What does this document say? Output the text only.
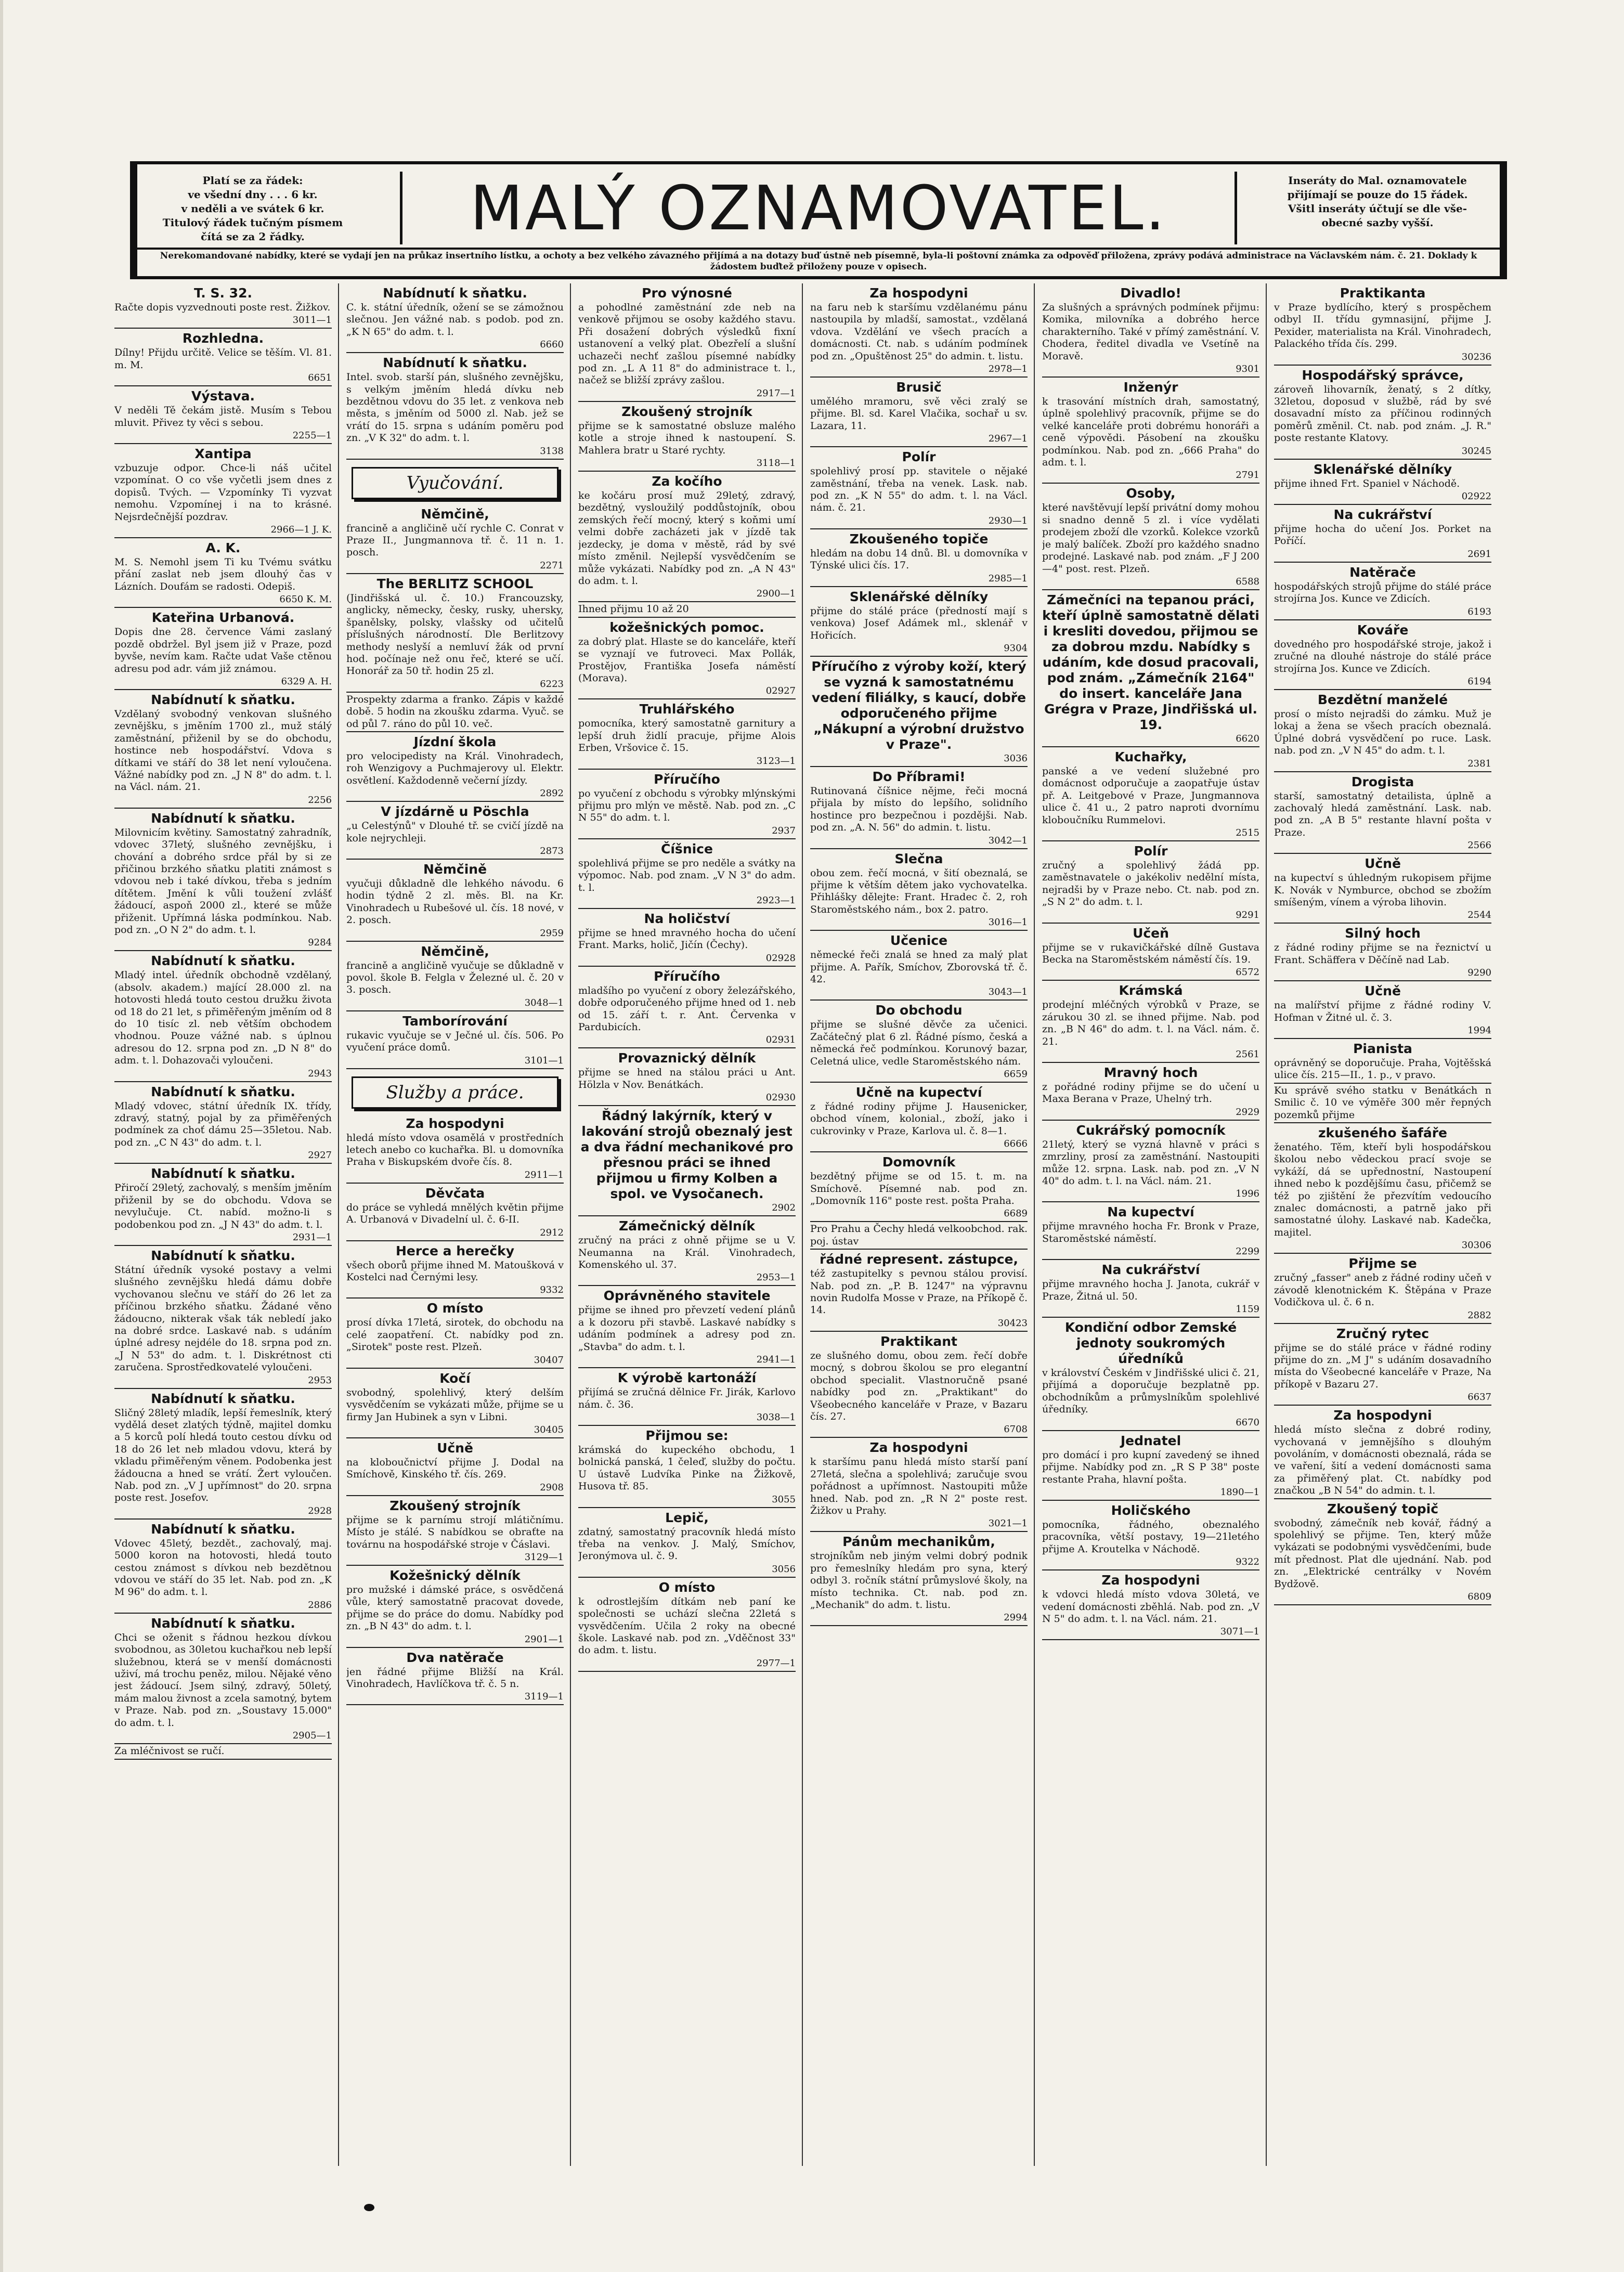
Platí se za řádek:
ve všední dny . . . 6 kr.
v neděli a ve svátek 6 kr.
Titulový řádek tučným písmem
čítá se za 2 řádky.	MALÝ OZNAMOVATEL.	Inseráty do Mal. oznamovatele
přijímají se pouze do 15 řádek.
Všitl inseráty účtují se dle vše-
obecné sazby vyšší.
Nerekomandované nabídky, které se vydají jen na průkaz insertního lístku, a ochoty a bez velkého závazného přijímá a na dotazy buď ústně neb písemně, byla-li poštovní známka za odpověď přiložena, zprávy podává administrace na Václavském nám. č. 21. Doklady k žádostem buďtež přiloženy pouze v opisech.
T. S. 32.
Račte dopis vyzvednouti poste rest. Žižkov.
3011—1
Rozhledna.
Dílny! Přijdu určitě. Velice se těším. Vl. 81. m. M.
6651
Výstava.
V neděli Tě čekám jistě. Musím s Tebou mluvit. Přivez ty věci s sebou.
2255—1
Xantipa
vzbuzuje odpor. Chce-li náš učitel vzpomínat. O co vše vyčetli jsem dnes z dopisů. Tvých. — Vzpomínky Ti vyzvat nemohu. Vzpomínej i na to krásné. Nejsrdečnější pozdrav.
2966—1 J. K.
A. K.
M. S. Nemohl jsem Ti ku Tvému svátku přání zaslat neb jsem dlouhý čas v Lázních. Doufám se radosti. Odepiš.
6650 K. M.
Kateřina Urbanová.
Dopis dne 28. července Vámi zaslaný pozdě obdržel. Byl jsem již v Praze, pozd byvše, nevím kam. Račte udat Vaše ctěnou adresu pod adr. vám již známou.
6329 A. H.
Nabídnutí k sňatku.
Vzdělaný svobodný venkovan slušného zevnějšku, s jměním 1700 zl., muž stálý zaměstnání, přiženil by se do obchodu, hostince neb hospodářství. Vdova s dítkami ve stáří do 38 let není vyloučena. Vážné nabídky pod zn. „J N 8" do adm. t. l. na Václ. nám. 21.
2256
Nabídnutí k sňatku.
Milovnicím květiny. Samostatný zahradník, vdovec 37letý, slušného zevnějšku, i chování a dobrého srdce přál by si ze přičinou brzkého sňatku platiti známost s vdovou neb i také dívkou, třeba s jedním dítětem. Jmění k vůli toužení zvlášť žádoucí, aspoň 2000 zl., které se může přiženit. Upřímná láska podmínkou. Nab. pod zn. „O N 2" do adm. t. l.
9284
Nabídnutí k sňatku.
Mladý intel. úředník obchodně vzdělaný, (absolv. akadem.) mající 28.000 zl. na hotovosti hledá touto cestou družku života od 18 do 21 let, s přiměřeným jměním od 8 do 10 tisíc zl. neb větším obchodem vhodnou. Pouze vážné nab. s úplnou adresou do 12. srpna pod zn. „D N 8" do adm. t. l. Dohazovači vyloučeni.
2943
Nabídnutí k sňatku.
Mladý vdovec, státní úředník IX. třídy, zdravý, statný, pojal by za přiměřených podmínek za choť dámu 25—35letou. Nab. pod zn. „C N 43" do adm. t. l.
2927
Nabídnutí k sňatku.
Přiročí 29letý, zachovalý, s menším jměním přiženil by se do obchodu. Vdova se nevylučuje. Ct. nabíd. možno-li s podobenkou pod zn. „J N 43" do adm. t. l.
2931—1
Nabídnutí k sňatku.
Státní úředník vysoké postavy a velmi slušného zevnějšku hledá dámu dobře vychovanou slečnu ve stáří do 26 let za příčinou brzkého sňatku. Žádané věno žádoucno, nikterak však ták nebledí jako na dobré srdce. Laskavé nab. s udáním úplné adresy nejdéle do 18. srpna pod zn. „J N 53" do adm. t. l. Diskrétnost cti zaručena. Sprostředkovatelé vyloučeni.
2953
Nabídnutí k sňatku.
Sličný 28letý mladík, lepší řemeslník, který vydělá deset zlatých týdně, majitel domku a 5 korců polí hledá touto cestou dívku od 18 do 26 let neb mladou vdovu, která by vkladu přiměřeným věnem. Podobenka jest žádoucna a hned se vrátí. Žert vyloučen. Nab. pod zn. „V J upřímnost" do 20. srpna poste rest. Josefov.
2928
Nabídnutí k sňatku.
Vdovec 45letý, bezdět., zachovalý, maj. 5000 koron na hotovosti, hledá touto cestou známost s dívkou neb bezdětnou vdovou ve stáří do 35 let. Nab. pod zn. „K M 96" do adm. t. l.
2886
Nabídnutí k sňatku.
Chci se oženit s řádnou hezkou dívkou svobodnou, as 30letou kuchařkou neb lepší služebnou, která se v menší domácnosti uživí, má trochu peněz, milou. Nějaké věno jest žádoucí. Jsem silný, zdravý, 50letý, mám malou živnost a zcela samotný, bytem v Praze. Nab. pod zn. „Soustavy 15.000" do adm. t. l.
2905—1
Za mléčnivost se ručí.
Nabídnutí k sňatku.
C. k. státní úředník, ožení se se zámožnou slečnou. Jen vážné nab. s podob. pod zn. „K N 65" do adm. t. l.
6660
Nabídnutí k sňatku.
Intel. svob. starší pán, slušného zevnějšku, s velkým jměním hledá dívku neb bezdětnou vdovu do 35 let. z venkova neb města, s jměním od 5000 zl. Nab. jež se vrátí do 15. srpna s udáním poměru pod zn. „V K 32" do adm. t. l.
3138
Vyučování.
Němčině,
francině a angličině učí rychle C. Conrat v Praze II., Jungmannova tř. č. 11 n. 1. posch.
2271
The BERLITZ SCHOOL
(Jindřišská ul. č. 10.) Francouzsky, anglicky, německy, česky, rusky, uhersky, španělsky, polsky, vlašsky od učitelů příslušných národností. Dle Berlitzovy methody neslyší a nemluví žák od první hod. počínaje než onu řeč, které se učí. Honorář za 50 tř. hodin 25 zl.
6223
Prospekty zdarma a franko. Zápis v každé době. 5 hodin na zkoušku zdarma. Vyuč. se od půl 7. ráno do půl 10. več.
Jízdní škola
pro velocipedisty na Král. Vinohradech, roh Wenzigovy a Puchmajerovy ul. Elektr. osvětlení. Každodenně večerní jízdy.
2892
V jízdárně u Pöschla
„u Celestýnů" v Dlouhé tř. se cvičí jízdě na kole nejrychleji.
2873
Němčině
vyučuji důkladně dle lehkého návodu. 6 hodin týdně 2 zl. měs. Bl. na Kr. Vinohradech u Rubešové ul. čís. 18 nové, v 2. posch.
2959
Němčině,
francině a angličině vyučuje se důkladně v povol. škole B. Felgla v Železné ul. č. 20 v 3. posch.
3048—1
Tamborírování
rukavic vyučuje se v Ječné ul. čís. 506. Po vyučení práce domů.
3101—1
Služby a práce.
Za hospodyni
hledá místo vdova osamělá v prostředních letech anebo co kuchařka. Bl. u domovníka Praha v Biskupském dvoře čís. 8.
2911—1
Děvčata
do práce se vyhledá mnělých květin přijme A. Urbanová v Divadelní ul. č. 6-II.
2912
Herce a herečky
všech oborů přijme ihned M. Matoušková v Kostelci nad Černými lesy.
9332
O místo
prosí dívka 17letá, sirotek, do obchodu na celé zaopatření. Ct. nabídky pod zn. „Sirotek" poste rest. Plzeň.
30407
Kočí
svobodný, spolehlivý, který delším vysvědčením se vykázati může, přijme se u firmy Jan Hubinek a syn v Libni.
30405
Učně
na kloboučnictví přijme J. Dodal na Smíchově, Kinského tř. čís. 269.
2908
Zkoušený strojník
přijme se k parnímu strojí mlátičnímu. Místo je stálé. S nabídkou se obraťte na továrnu na hospodářské stroje v Čáslavi.
3129—1
Kožešnický dělník
pro mužské i dámské práce, s osvědčená vůle, který samostatně pracovat dovede, přijme se do práce do domu. Nabídky pod zn. „B N 43" do adm. t. l.
2901—1
Dva natěrače
jen řádné přijme Bližší na Král. Vinohradech, Havlíčkova tř. č. 5 n.
3119—1
Pro výnosné
a pohodlné zaměstnání zde neb na venkově přijmou se osoby každého stavu. Při dosažení dobrých výsledků fixní ustanovení a velký plat. Obezřelí a slušní uchazeči nechť zašlou písemné nabídky pod zn. „L A 11 8" do administrace t. l., načež se bližší zprávy zašlou.
2917—1
Zkoušený strojník
přijme se k samostatné obsluze malého kotle a stroje ihned k nastoupení. S. Mahlera bratr u Staré rychty.
3118—1
Za kočího
ke kočáru prosí muž 29letý, zdravý, bezdětný, vysloužilý poddůstojník, obou zemských řečí mocný, který s koňmi umí velmi dobře zacházeti jak v jízdě tak jezdecky, je doma v městě, rád by své místo změnil. Nejlepší vysvědčením se může vykázati. Nabídky pod zn. „A N 43" do adm. t. l.
2900—1
Ihned přijmu 10 až 20
kožešnických pomoc.
za dobrý plat. Hlaste se do kanceláře, kteří se vyznají ve futroveci. Max Pollák, Prostějov, Františka Josefa náměstí (Morava).
02927
Truhlářského
pomocníka, který samostatně garnitury a lepší druh židlí pracuje, přijme Alois Erben, Vršovice č. 15.
3123—1
Příručího
po vyučení z obchodu s výrobky mlýnskými přijmu pro mlýn ve městě. Nab. pod zn. „C N 55" do adm. t. l.
2937
Číšnice
spolehlivá přijme se pro neděle a svátky na výpomoc. Nab. pod znam. „V N 3" do adm. t. l.
2923—1
Na holičství
přijme se hned mravného hocha do učení Frant. Marks, holič, Jičín (Čechy).
02928
Příručího
mladšího po vyučení z obory železářského, dobře odporučeného přijme hned od 1. neb od 15. září t. r. Ant. Červenka v Pardubicích.
02931
Provaznický dělník
přijme se hned na stálou práci u Ant. Hölzla v Nov. Benátkách.
02930
Řádný lakýrník, který v lakování strojů obeznalý jest a dva řádní mechanikové pro přesnou práci se ihned přijmou u firmy Kolben a spol. ve Vysočanech.
2902
Zámečnický dělník
zručný na práci z ohně přijme se u V. Neumanna na Král. Vinohradech, Komenského ul. 37.
2953—1
Oprávněného stavitele
přijme se ihned pro převzetí vedení plánů a k dozoru při stavbě. Laskavé nabídky s udáním podmínek a adresy pod zn. „Stavba" do adm. t. l.
2941—1
K výrobě kartonáží
přijímá se zručná dělnice Fr. Jirák, Karlovo nám. č. 36.
3038—1
Přijmou se:
krámská do kupeckého obchodu, 1 bolnická panská, 1 čeleď, služby do počtu. U ústavě Ludvíka Pinke na Žižkově, Husova tř. 85.
3055
Lepič,
zdatný, samostatný pracovník hledá místo třeba na venkov. J. Malý, Smíchov, Jeronýmova ul. č. 9.
3056
O místo
k odrostlejším dítkám neb paní ke společnosti se uchází slečna 22letá s vysvědčením. Učila 2 roky na obecné škole. Laskavé nab. pod zn. „Vděčnost 33" do adm. t. listu.
2977—1
Za hospodyni
na faru neb k staršímu vzdělanému pánu nastoupila by mladší, samostat., vzdělaná vdova. Vzdělání ve všech pracích a domácnosti. Ct. nab. s udáním podmínek pod zn. „Opuštěnost 25" do admin. t. listu.
2978—1
Brusič
umělého mramoru, svě věci zralý se přijme. Bl. sd. Karel Vlačika, sochař u sv. Lazara, 11.
2967—1
Polír
spolehlivý prosí pp. stavitele o nějaké zaměstnání, třeba na venek. Lask. nab. pod zn. „K N 55" do adm. t. l. na Václ. nám. č. 21.
2930—1
Zkoušeného topiče
hledám na dobu 14 dnů. Bl. u domovníka v Týnské ulici čís. 17.
2985—1
Sklenářské dělníky
přijme do stálé práce (předností mají s venkova) Josef Adámek ml., sklenář v Hořicích.
9304
Příručího z výroby koží, který se vyzná k samostatnému vedení filiálky, s kaucí, dobře odporučeného přijme „Nákupní a výrobní družstvo v Praze".
3036
Do Příbrami!
Rutinovaná číšnice nějme, řeči mocná přijala by místo do lepšího, solidního hostince pro bezpečnou i pozdějši. Nab. pod zn. „A. N. 56" do admin. t. listu.
3042—1
Slečna
obou zem. řečí mocná, v šití obeznalá, se přijme k větším dětem jako vychovatelka. Přihlášky dělejte: Frant. Hradec č. 2, roh Staroměstského nám., box 2. patro.
3016—1
Učenice
německé řeči znalá se hned za malý plat přijme. A. Pařík, Smíchov, Zborovská tř. č. 42.
3043—1
Do obchodu
přijme se slušné děvče za učenici. Začátečný plat 6 zl. Řádné písmo, česká a německá řeč podmínkou. Korunový bazar, Celetná ulice, vedle Staroměstského nám.
6659
Učně na kupectví
z řádné rodiny přijme J. Hausenicker, obchod vínem, kolonial., zboží, jako i cukrovinky v Praze, Karlova ul. č. 8—1.
6666
Domovník
bezdětný přijme se od 15. t. m. na Smíchově. Písemné nab. pod zn. „Domovník 116" poste rest. pošta Praha.
6689
Pro Prahu a Čechy hledá velkoobchod. rak. poj. ústav
řádné represent. zástupce,
též zastupitelky s pevnou stálou provisí. Nab. pod zn. „P. B. 1247" na výpravnu novin Rudolfa Mosse v Praze, na Příkopě č. 14.
30423
Praktikant
ze slušného domu, obou zem. řečí dobře mocný, s dobrou školou se pro elegantní obchod specialit. Vlastnoručně psané nabídky pod zn. „Praktikant" do Všeobecného kanceláře v Praze, v Bazaru čís. 27.
6708
Za hospodyni
k staršímu panu hledá místo starší paní 27letá, slečna a spolehlivá; zaručuje svou pořádnost a upřímnost. Nastoupiti může hned. Nab. pod zn. „R N 2" poste rest. Žižkov u Prahy.
3021—1
Pánům mechanikům,
strojníkům neb jiným velmi dobrý podnik pro řemeslníky hledám pro syna, který odbyl 3. ročník státní průmyslové školy, na místo technika. Ct. nab. pod zn. „Mechanik" do adm. t. listu.
2994
Divadlo!
Za slušných a správných podmínek přijmu: Komika, milovníka a dobrého herce charakterního. Také v přímý zaměstnání. V. Chodera, ředitel divadla ve Vsetíně na Moravě.
9301
Inženýr
k trasování místních drah, samostatný, úplně spolehlivý pracovník, přijme se do velké kanceláře proti dobrému honoráři a ceně výpovědi. Pásobení na zkoušku podmínkou. Nab. pod zn. „666 Praha" do adm. t. l.
2791
Osoby,
které navštěvují lepší privátní domy mohou si snadno denně 5 zl. i více vydělati prodejem zboží dle vzorků. Kolekce vzorků je malý balíček. Zboží pro každého snadno prodejné. Laskavé nab. pod znám. „F J 200—4" post. rest. Plzeň.
6588
Zámečníci na tepanou práci, kteří úplně samostatně dělati i kresliti dovedou, přijmou se za dobrou mzdu. Nabídky s udáním, kde dosud pracovali, pod znám. „Zámečník 2164" do insert. kanceláře Jana Grégra v Praze, Jindřišská ul. 19.
6620
Kuchařky,
panské a ve vedení služebné pro domácnost odporučuje a zaopatřuje ústav př. A. Leitgebové v Praze, Jungmannova ulice č. 41 u., 2 patro naproti dvornímu kloboučníku Rummelovi.
2515
Polír
zručný a spolehlivý žádá pp. zaměstnavatele o jakékoliv nedělní místa, nejradši by v Praze nebo. Ct. nab. pod zn. „S N 2" do adm. t. l.
9291
Učeň
přijme se v rukavičkářské dílně Gustava Becka na Staroměstském náměstí čís. 19.
6572
Krámská
prodejní mléčných výrobků v Praze, se zárukou 30 zl. se ihned přijme. Nab. pod zn. „B N 46" do adm. t. l. na Václ. nám. č. 21.
2561
Mravný hoch
z pořádné rodiny přijme se do učení u Maxa Berana v Praze, Uhelný trh.
2929
Cukrářský pomocník
21letý, který se vyzná hlavně v práci s zmrzliny, prosí za zaměstnání. Nastoupiti může 12. srpna. Lask. nab. pod zn. „V N 40" do adm. t. l. na Václ. nám. 21.
1996
Na kupectví
přijme mravného hocha Fr. Bronk v Praze, Staroměstské náměstí.
2299
Na cukrářství
přijme mravného hocha J. Janota, cukrář v Praze, Žitná ul. 50.
1159
Kondiční odbor Zemské jednoty soukromých úředníků
v království Českém v Jindřišské ulici č. 21, přijímá a doporučuje bezplatně pp. obchodníkům a průmyslníkům spolehlivé úředníky.
6670
Jednatel
pro domácí i pro kupní zavedený se ihned přijme. Nabídky pod zn. „R S P 38" poste restante Praha, hlavní pošta.
1890—1
Holičského
pomocníka, řádného, obeznalého pracovníka, větší postavy, 19—21letého přijme A. Kroutelka v Náchodě.
9322
Za hospodyni
k vdovci hledá místo vdova 30letá, ve vedení domácnosti zběhlá. Nab. pod zn. „V N 5" do adm. t. l. na Václ. nám. 21.
3071—1
Praktikanta
v Praze bydlícího, který s prospěchem odbyl II. třídu gymnasijní, přijme J. Pexider, materialista na Král. Vinohradech, Palackého třída čís. 299.
30236
Hospodářský správce,
zároveň lihovarník, ženatý, s 2 dítky, 32letou, doposud v službě, rád by své dosavadní místo za příčinou rodinných poměrů změnil. Ct. nab. pod znám. „J. R." poste restante Klatovy.
30245
Sklenářské dělníky
přijme ihned Frt. Spaniel v Náchodě.
02922
Na cukrářství
přijme hocha do učení Jos. Porket na Poříčí.
2691
Natěrače
hospodářských strojů přijme do stálé práce strojírna Jos. Kunce ve Zdicích.
6193
Kováře
dovedného pro hospodářské stroje, jakož i zručné na dlouhé nástroje do stálé práce strojírna Jos. Kunce ve Zdicích.
6194
Bezdětní manželé
prosí o místo nejradši do zámku. Muž je lokaj a žena se všech pracích obeznalá. Úplné dobrá vysvědčení po ruce. Lask. nab. pod zn. „V N 45" do adm. t. l.
2381
Drogista
starší, samostatný detailista, úplně a zachovalý hledá zaměstnání. Lask. nab. pod zn. „A B 5" restante hlavní pošta v Praze.
2566
Učně
na kupectví s úhledným rukopisem přijme K. Novák v Nymburce, obchod se zbožím smíšeným, vínem a výroba lihovin.
2544
Silný hoch
z řádné rodiny přijme se na řeznictví u Frant. Schäffera v Děčíně nad Lab.
9290
Učně
na malířství přijme z řádné rodiny V. Hofman v Žitné ul. č. 3.
1994
Pianista
oprávněný se doporučuje. Praha, Vojtěšská ulice čís. 215—II., 1. p., v pravo.
Ku správě svého statku v Benátkách n Smilic č. 10 ve výměře 300 měr řepných pozemků přijme
zkušeného šafáře
ženatého. Těm, kteří byli hospodářskou školou nebo vědeckou prací svoje se vykáží, dá se upřednostní, Nastoupení ihned nebo k pozdějšímu času, přičemž se též po zjištění že přezvítím vedoucího znalec domácnosti, a patrně jako při samostatné úlohy. Laskavé nab. Kadečka, majitel.
30306
Přijme se
zručný „fasser" aneb z řádné rodiny učeň v závodě klenotnickém K. Štěpána v Praze Vodičkova ul. č. 6 n.
2882
Zručný rytec
přijme se do stálé práce v řádné rodiny přijme do zn. „M J" s udáním dosavadního místa do Všeobecné kanceláře v Praze, Na příkopě v Bazaru 27.
6637
Za hospodyni
hledá místo slečna z dobré rodiny, vychovaná v jemnějšího s dlouhým povoláním, v domácnosti obeznalá, ráda se ve vaření, šití a vedení domácnosti sama za přiměřený plat. Ct. nabídky pod značkou „B N 54" do admin. t. l.
Zkoušený topič
svobodný, zámečník neb kovář, řádný a spolehlivý se přijme. Ten, který může vykázati se podobnými vysvědčeními, bude mít přednost. Plat dle ujednání. Nab. pod zn. „Elektrické centrálky v Novém Bydžově.
6809
